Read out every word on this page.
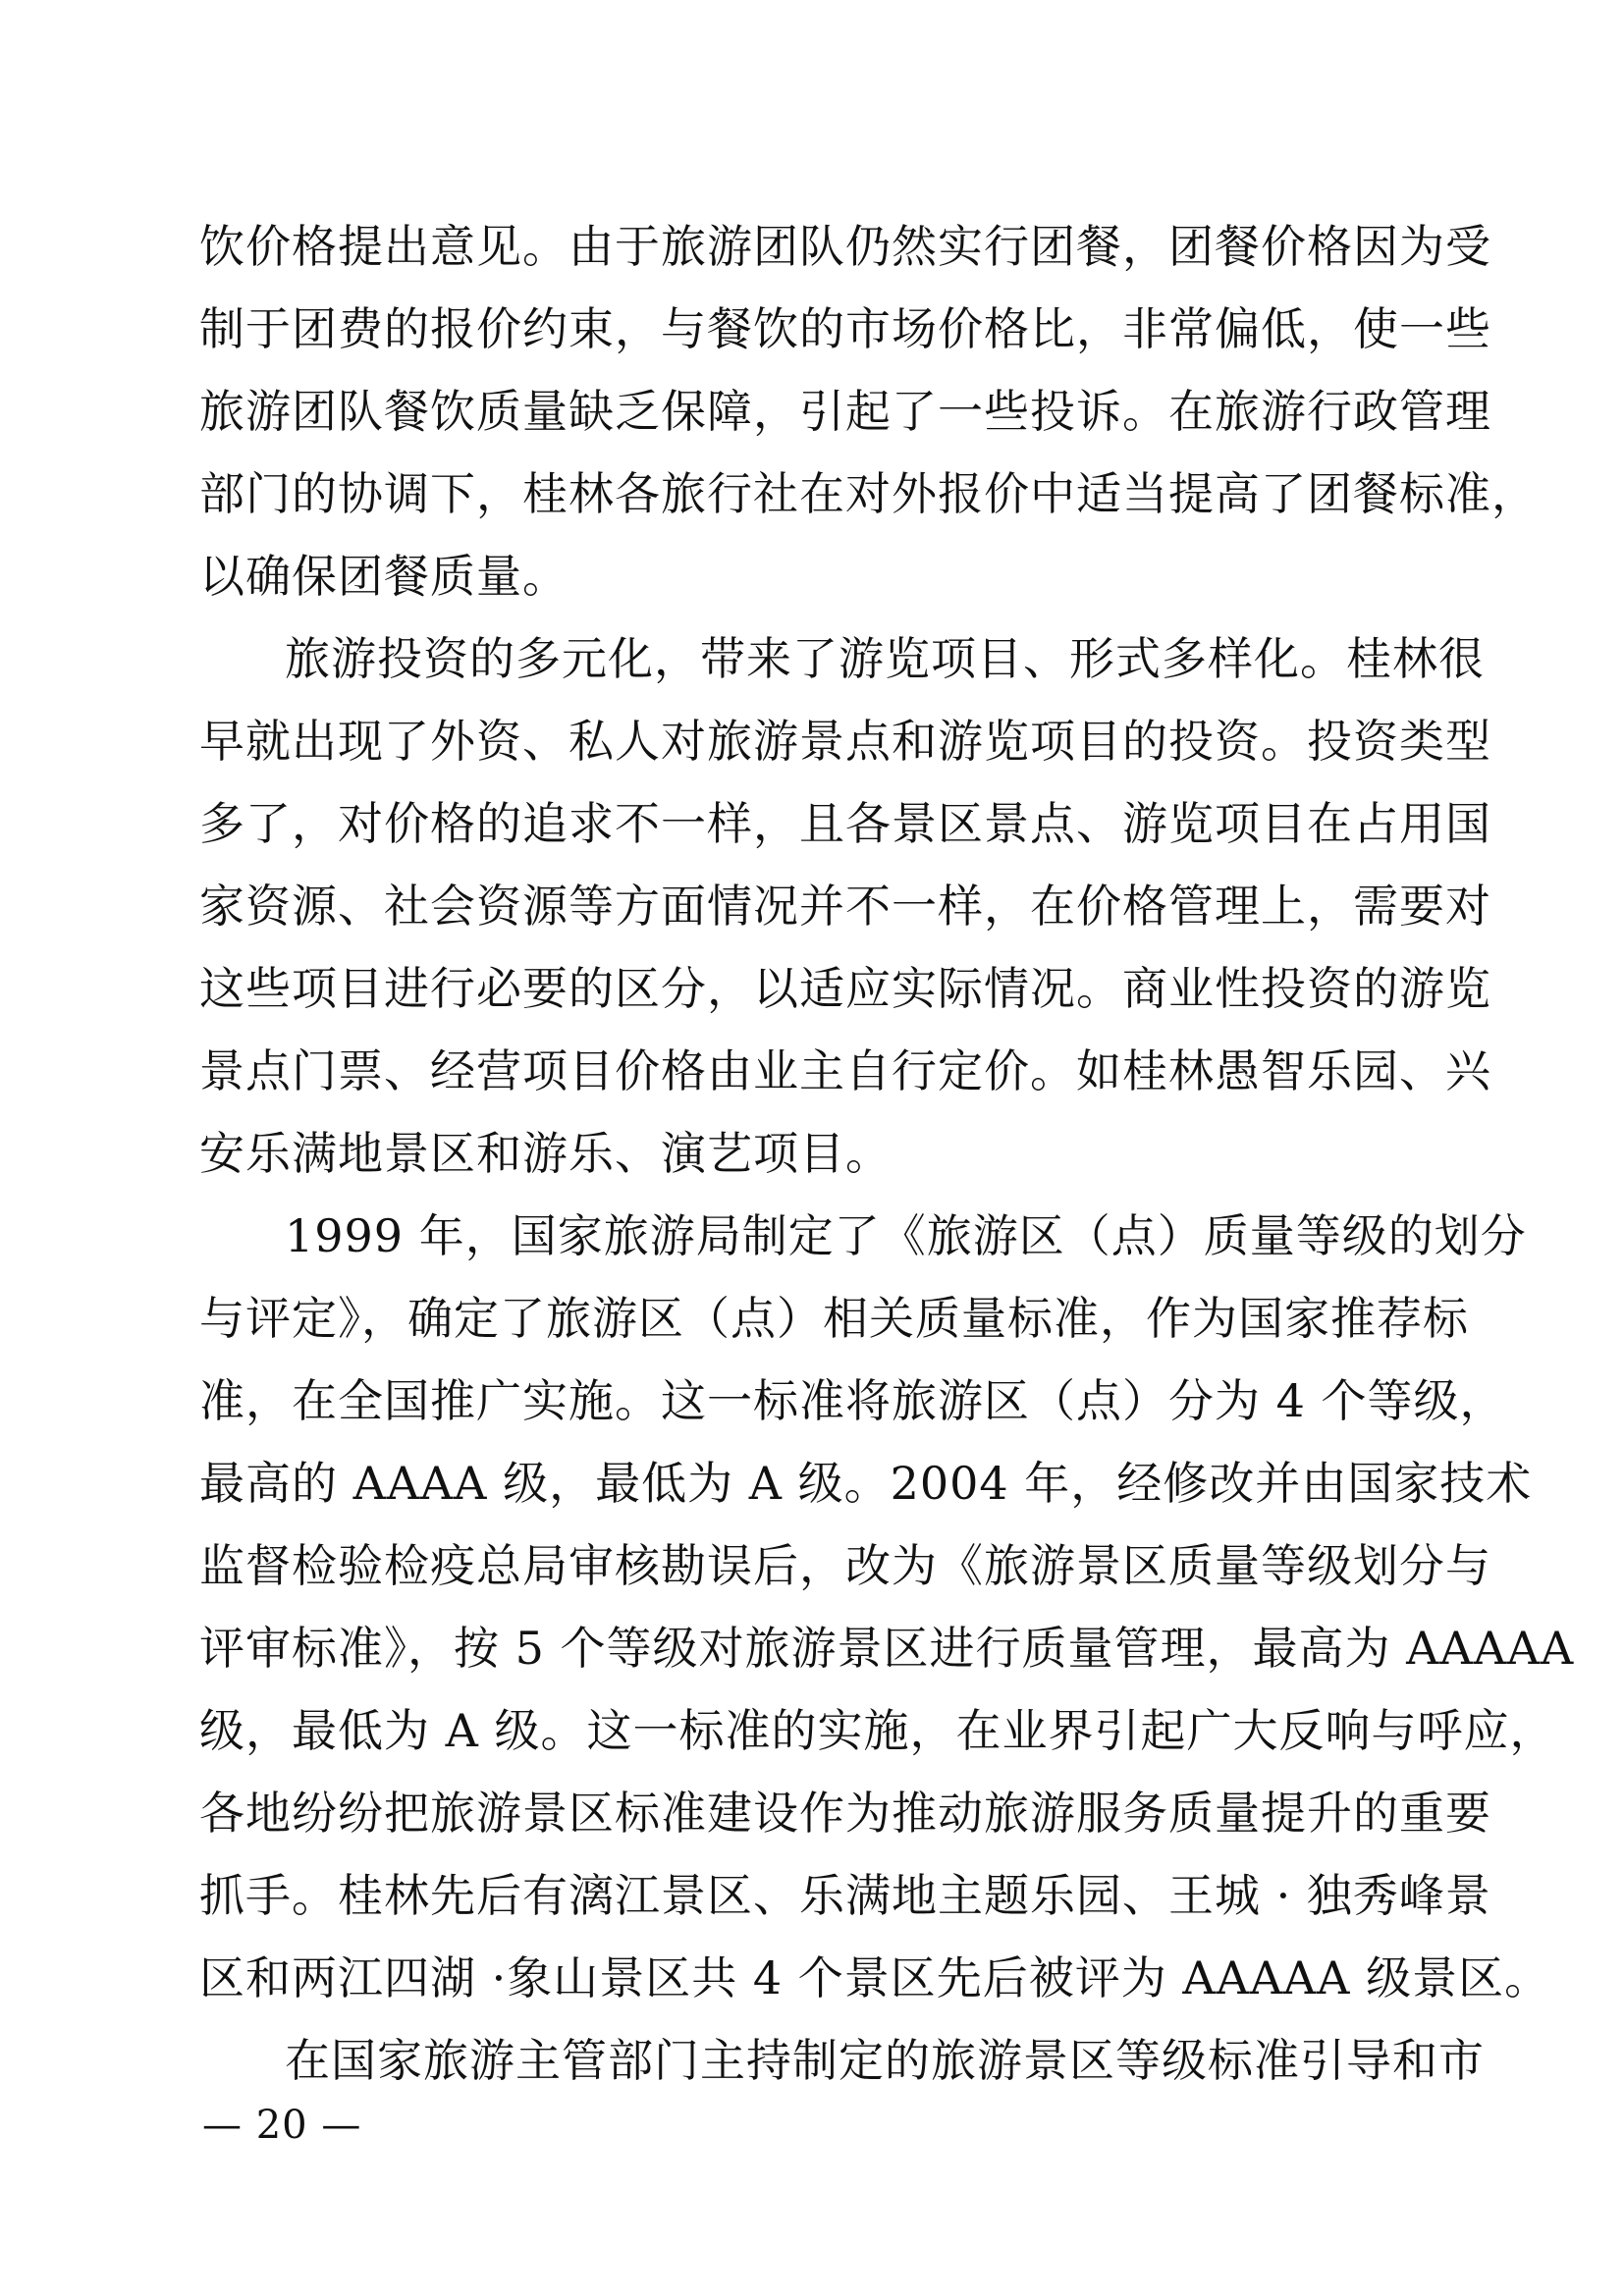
饮价格提出意见。由于旅游团队仍然实行团餐，团餐价格因为受
制于团费的报价约束，与餐饮的市场价格比，非常偏低，使一些
旅游团队餐饮质量缺乏保障，引起了一些投诉。在旅游行政管理
部门的协调下，桂林各旅行社在对外报价中适当提高了团餐标准，
以确保团餐质量。
旅游投资的多元化，带来了游览项目、形式多样化。桂林很
早就出现了外资、私人对旅游景点和游览项目的投资。投资类型
多了，对价格的追求不一样，且各景区景点、游览项目在占用国
家资源、社会资源等方面情况并不一样，在价格管理上，需要对
这些项目进行必要的区分，以适应实际情况。商业性投资的游览
景点门票、经营项目价格由业主自行定价。如桂林愚智乐园、兴
安乐满地景区和游乐、演艺项目。
1999 年，国家旅游局制定了《旅游区（点）质量等级的划分
与评定》，确定了旅游区（点）相关质量标准，作为国家推荐标
准，在全国推广实施。这一标准将旅游区（点）分为 4 个等级，
最高的 AAAA 级，最低为 A 级。2004 年，经修改并由国家技术
监督检验检疫总局审核勘误后，改为《旅游景区质量等级划分与
评审标准》，按 5 个等级对旅游景区进行质量管理，最高为 AAAAA
级，最低为 A 级。这一标准的实施，在业界引起广大反响与呼应，
各地纷纷把旅游景区标准建设作为推动旅游服务质量提升的重要
抓手。桂林先后有漓江景区、乐满地主题乐园、王城 · 独秀峰景
区和两江四湖 ·象山景区共 4 个景区先后被评为 AAAAA 级景区。
在国家旅游主管部门主持制定的旅游景区等级标准引导和市
— 20 —
